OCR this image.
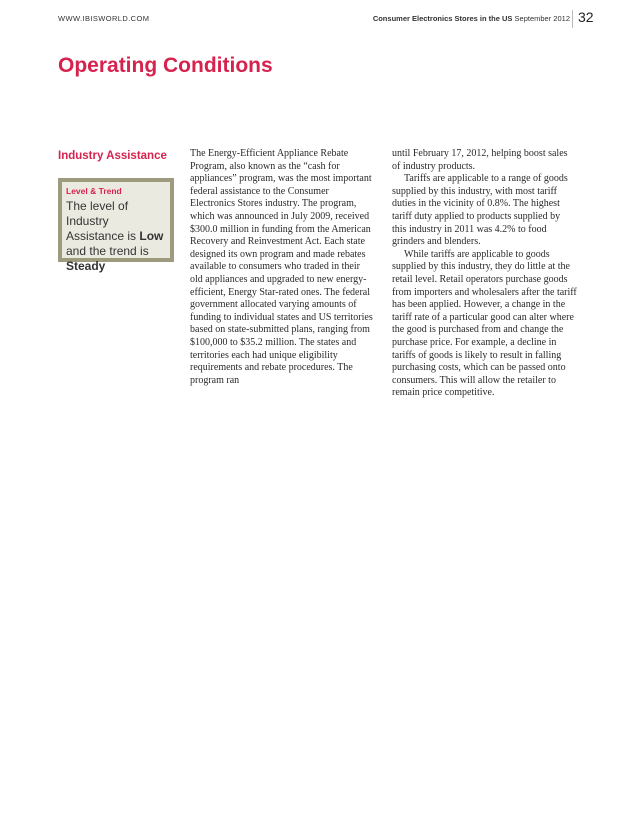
WWW.IBISWORLD.COM	Consumer Electronics Stores in the US September 2012 32
Operating Conditions
Industry Assistance
Level & Trend
The level of Industry Assistance is Low and the trend is Steady

The Energy-Efficient Appliance Rebate Program, also known as the “cash for appliances” program, was the most important federal assistance to the Consumer Electronics Stores industry. The program, which was announced in July 2009, received $300.0 million in funding from the American Recovery and Reinvestment Act. Each state designed its own program and made rebates available to consumers who traded in their old appliances and upgraded to new energy-efficient, Energy Star-rated ones. The federal government allocated varying amounts of funding to individual states and US territories based on state-submitted plans, ranging from $100,000 to $35.2 million. The states and territories each had unique eligibility requirements and rebate procedures. The program ran

until February 17, 2012, helping boost sales of industry products.

Tariffs are applicable to a range of goods supplied by this industry, with most tariff duties in the vicinity of 0.8%. The highest tariff duty applied to products supplied by this industry in 2011 was 4.2% to food grinders and blenders.

While tariffs are applicable to goods supplied by this industry, they do little at the retail level. Retail operators purchase goods from importers and wholesalers after the tariff has been applied. However, a change in the tariff rate of a particular good can alter where the good is purchased from and change the purchase price. For example, a decline in tariffs of goods is likely to result in falling purchasing costs, which can be passed onto consumers. This will allow the retailer to remain price competitive.
